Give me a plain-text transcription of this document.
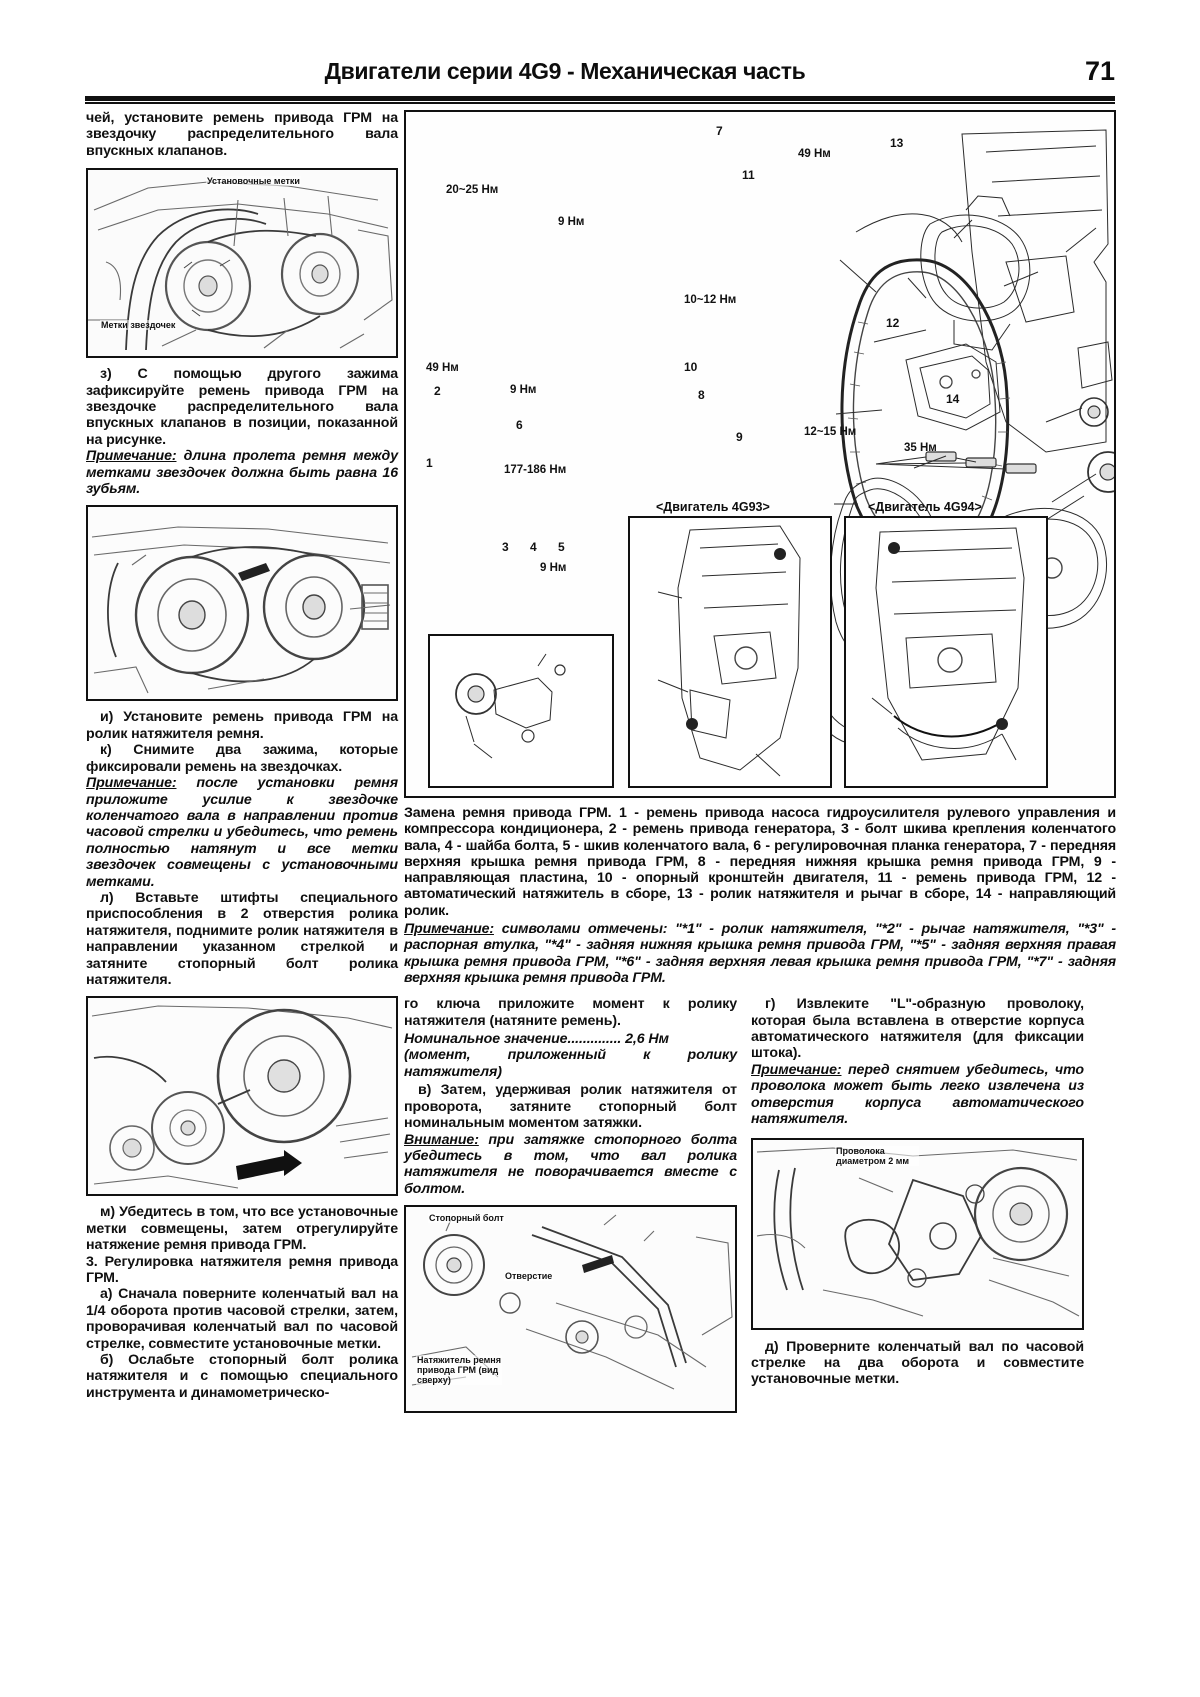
Двигатели серии 4G9 - Механическая часть	71

чей, установите ремень привода ГРМ на звездочку распределительного вала впускных клапанов.

Установочные метки
Метки звездочек

з) С помощью другого зажима зафиксируйте ремень привода ГРМ на звездочке распределительного вала впускных клапанов в позиции, показанной на рисунке.

Примечание: длина пролета ремня между метками звездочек должна быть равна 16 зубьям.

и) Установите ремень привода ГРМ на ролик натяжителя ремня.

к) Снимите два зажима, которые фиксировали ремень на звездочках.

Примечание: после установки ремня приложите усилие к звездочке коленчатого вала в направлении против часовой стрелки и убедитесь, что ремень полностью натянут и все метки звездочек совмещены с установочными метками.

л) Вставьте штифты специального приспособления в 2 отверстия ролика натяжителя, поднимите ролик натяжителя в направлении указанном стрелкой и затяните стопорный болт ролика натяжителя.

м) Убедитесь в том, что все установочные метки совмещены, затем отрегулируйте натяжение ремня привода ГРМ.

3. Регулировка натяжителя ремня привода ГРМ.

а) Сначала поверните коленчатый вал на 1/4 оборота против часовой стрелки, затем, проворачивая коленчатый вал по часовой стрелке, совместите установочные метки.

б) Ослабьте стопорный болт ролика натяжителя и с помощью специального инструмента и динамометрическо-

20~25 Нм
9 Нм
49 Нм
9 Нм
177-186 Нм
9 Нм
10~12 Нм
12~15 Нм
35 Нм
49 Нм
7
13
11
12
14
10
8
9
2
1
6
3 4 5
<Двигатель 4G93>	<Двигатель 4G94>
Замена ремня привода ГРМ. 1 - ремень привода насоса гидроусилителя рулевого управления и компрессора кондиционера, 2 - ремень привода генератора, 3 - болт шкива крепления коленчатого вала, 4 - шайба болта, 5 - шкив коленчатого вала, 6 - регулировочная планка генератора, 7 - передняя верхняя крышка ремня привода ГРМ, 8 - передняя нижняя крышка ремня привода ГРМ, 9 - направляющая пластина, 10 - опорный кронштейн двигателя, 11 - ремень привода ГРМ, 12 - автоматический натяжитель в сборе, 13 - ролик натяжителя и рычаг в сборе, 14 - направляющий ролик.
Примечание: символами отмечены: "*1" - ролик натяжителя, "*2" - рычаг натяжителя, "*3" - распорная втулка, "*4" - задняя нижняя крышка ремня привода ГРМ, "*5" - задняя верхняя правая крышка ремня привода ГРМ, "*6" - задняя верхняя левая крышка ремня привода ГРМ, "*7" - задняя верхняя крышка ремня привода ГРМ.

го ключа приложите момент к ролику натяжителя (натяните ремень).

Номинальное значение.............. 2,6 Нм

(момент, приложенный к ролику натяжителя)

в) Затем, удерживая ролик натяжителя от проворота, затяните стопорный болт номинальным моментом затяжки.

Внимание: при затяжке стопорного болта убедитесь в том, что вал ролика натяжителя не поворачивается вместе с болтом.

Стопорный болт
Отверстие
Натяжитель ремня привода ГРМ (вид сверху)

г) Извлеките "L"-образную проволоку, которая была вставлена в отверстие корпуса автоматического натяжителя (для фиксации штока).

Примечание: перед снятием убедитесь, что проволока может быть легко извлечена из отверстия корпуса автоматического натяжителя.

Проволока диаметром 2 мм

д) Проверните коленчатый вал по часовой стрелке на два оборота и совместите установочные метки.
